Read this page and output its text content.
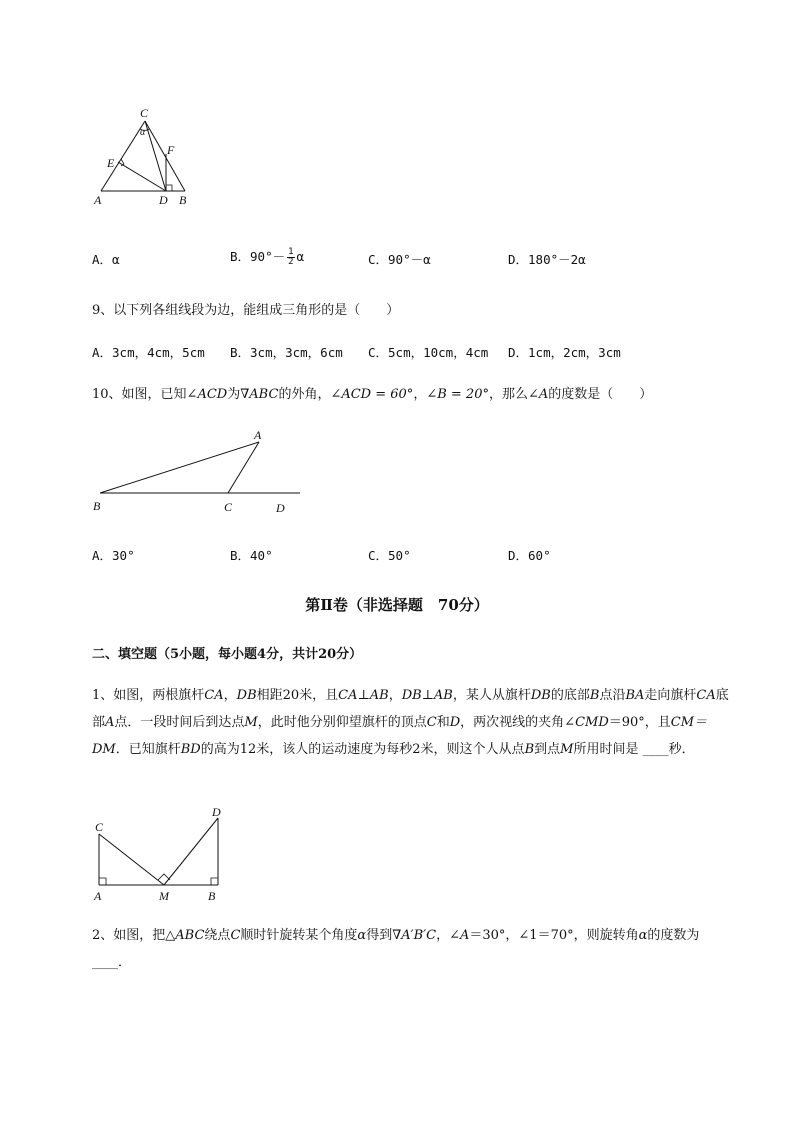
C
α
E
F
A	D B
A．α	B．$90^\circ- \frac{1}{2}$ α	C．90°－α	D．180°－2α
9、以下列各组线段为边，能组成三角形的是（　　）
A．3cm，4cm，5cm B．3cm，3cm，6cm C．5cm，10cm，4cm D．1cm，2cm，3cm
10、如图，已知∠ACD为∇ABC的外角，∠ACD = 60°，∠B = 20°，那么∠A的度数是（　　）
A
B	C	D
A．30°	B．40°	C．50°	D．60°
第Ⅱ卷（非选择题　70分）
二、填空题（5小题，每小题4分，共计20分）
1、如图，两根旗杆CA，DB相距20米，且CA⊥AB，DB⊥AB，某人从旗杆DB的底部B点沿BA走向旗杆CA底部A点．一段时间后到达点M，此时他分别仰望旗杆的顶点C和D，两次视线的夹角∠CMD＝90°，且CM＝DM．已知旗杆BD的高为12米，该人的运动速度为每秒2米，则这个人从点B到点M所用时间是 ____秒．
C
D
A	M	B
2、如图，把△ABC绕点C顺时针旋转某个角度α得到∇A′B′C，∠A＝30°，∠1＝70°，则旋转角α的度数为____．
